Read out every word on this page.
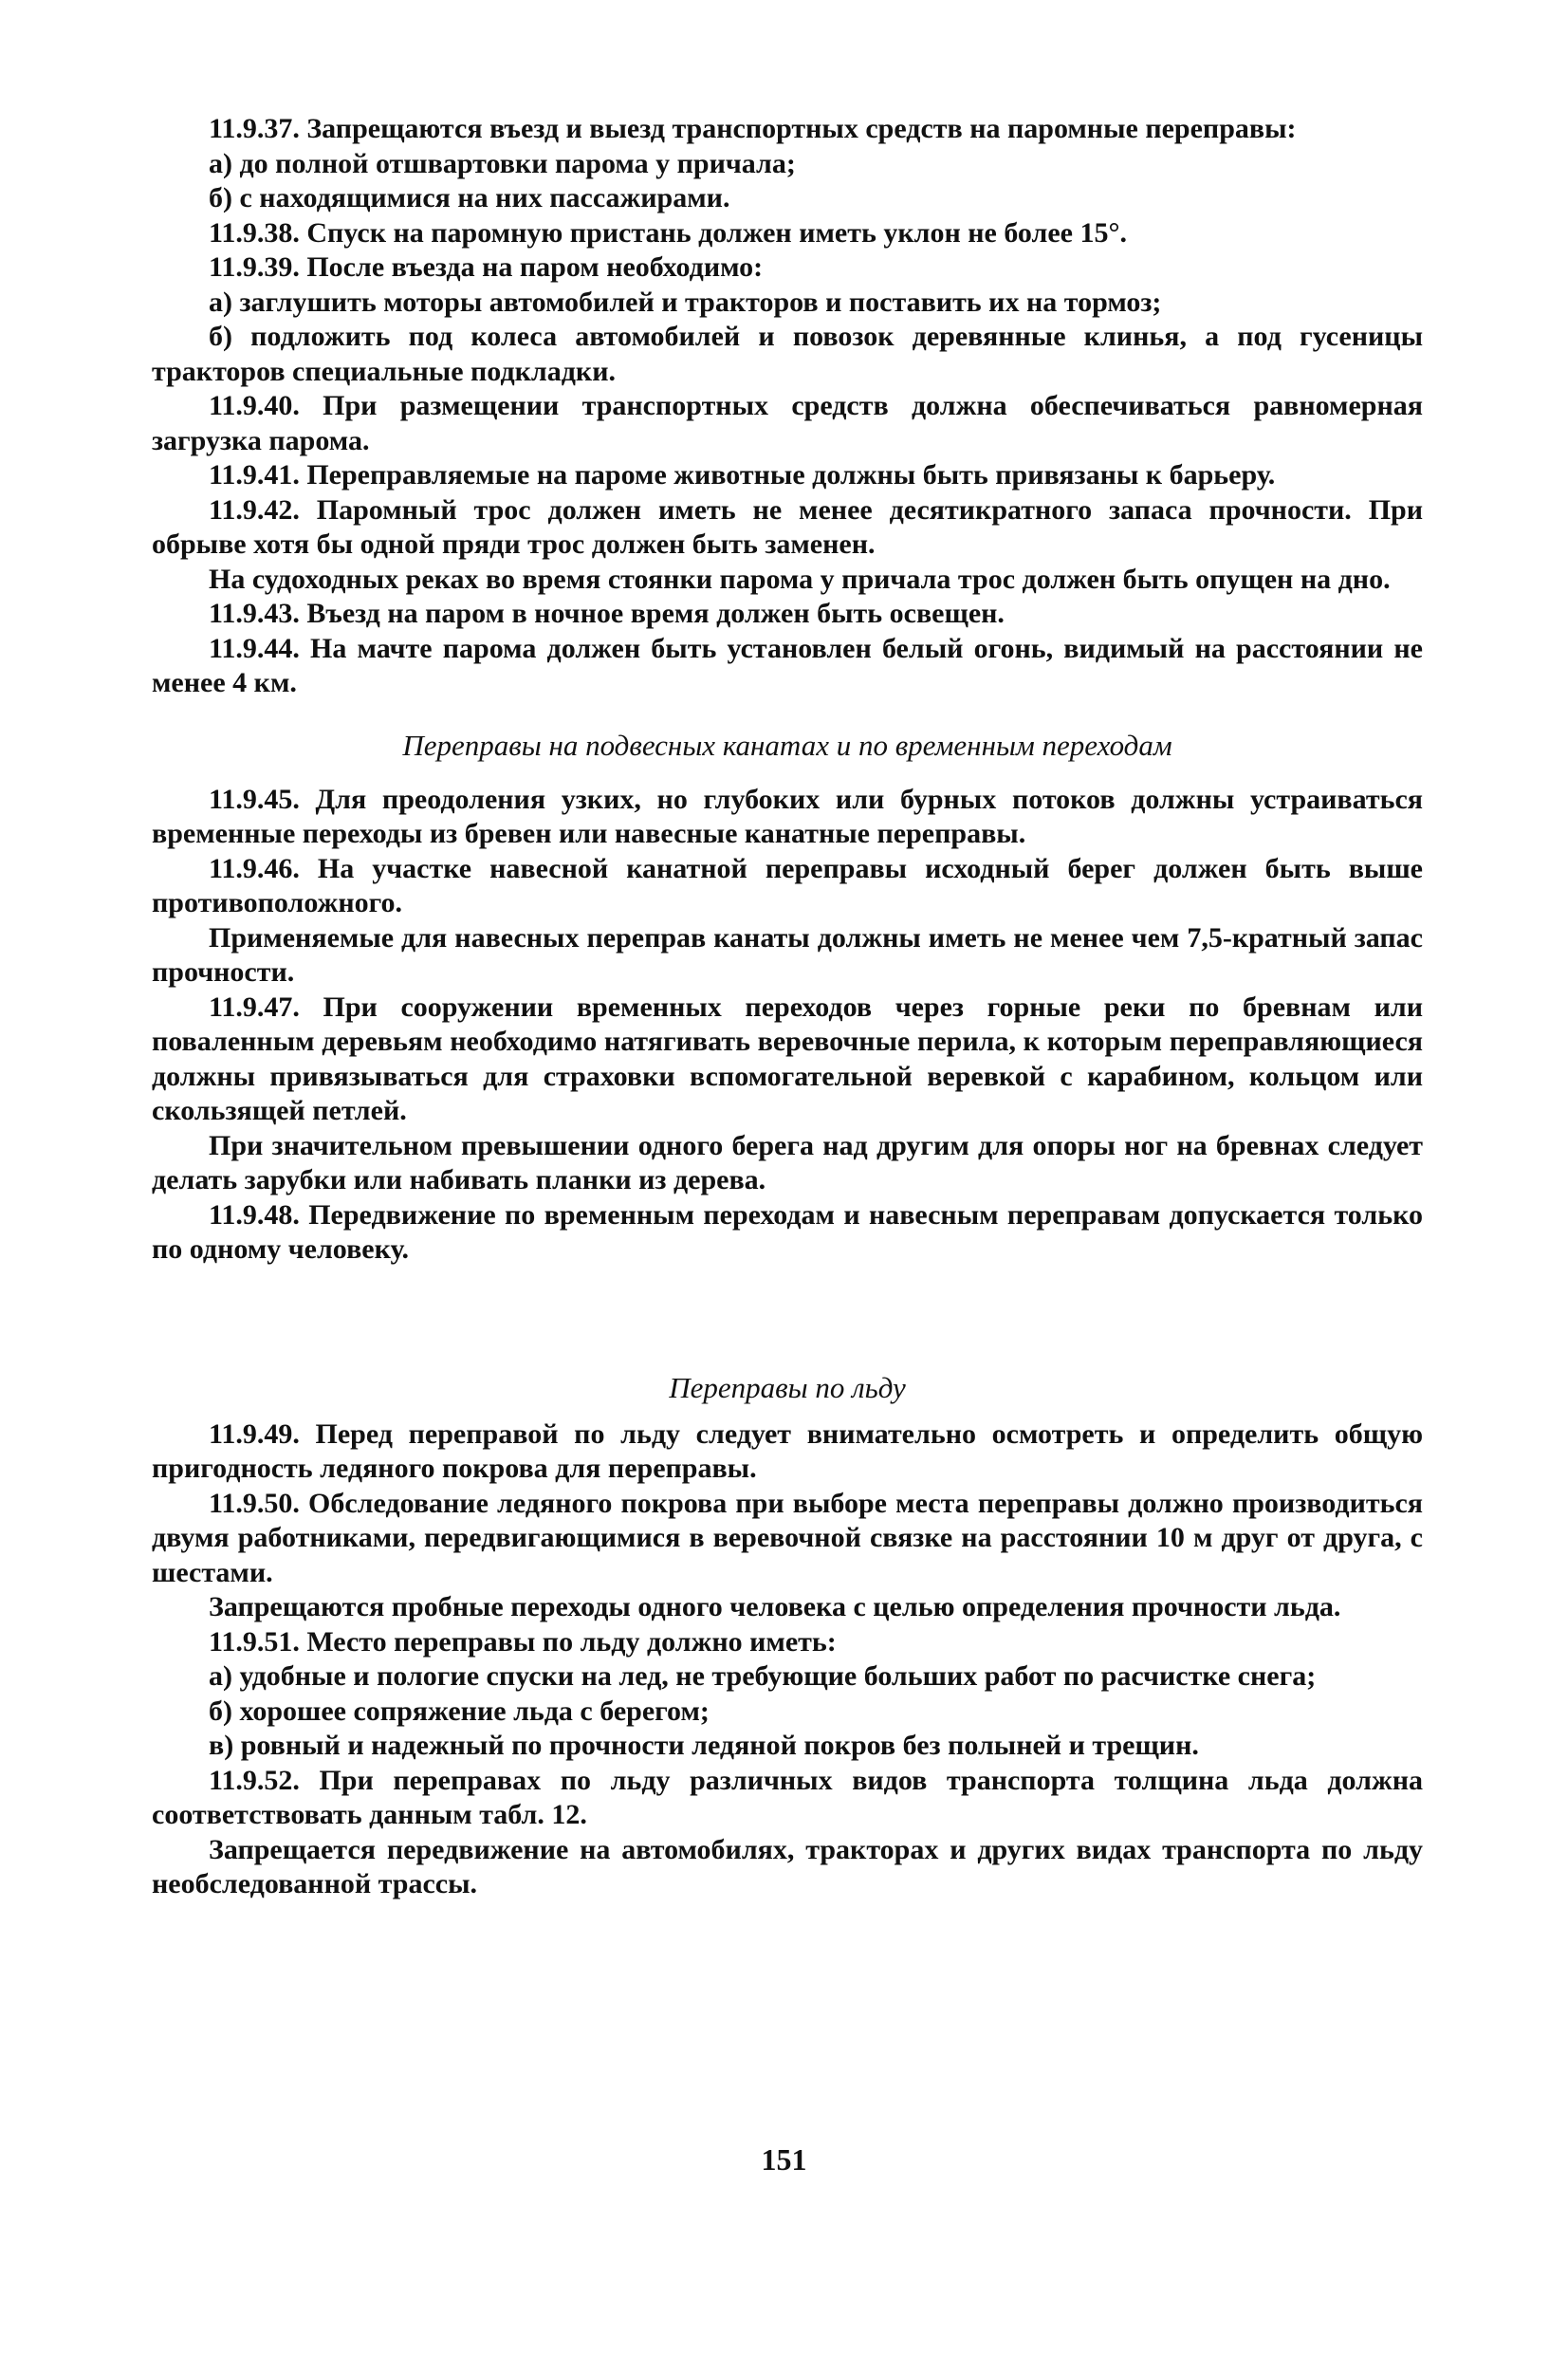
11.9.37. Запрещаются въезд и выезд транспортных средств на паромные переправы:

а) до полной отшвартовки парома у причала;

б) с находящимися на них пассажирами.

11.9.38. Спуск на паромную пристань должен иметь уклон не более 15°.

11.9.39. После въезда на паром необходимо:

а) заглушить моторы автомобилей и тракторов и поставить их на тормоз;

б) подложить под колеса автомобилей и повозок деревянные клинья, а под гусеницы тракторов специальные подкладки.

11.9.40. При размещении транспортных средств должна обеспечиваться равномерная загрузка парома.

11.9.41. Переправляемые на пароме животные должны быть привязаны к барьеру.

11.9.42. Паромный трос должен иметь не менее десятикратного запаса прочности. При обрыве хотя бы одной пряди трос должен быть заменен.

На судоходных реках во время стоянки парома у причала трос должен быть опущен на дно.

11.9.43. Въезд на паром в ночное время должен быть освещен.

11.9.44. На мачте парома должен быть установлен белый огонь, видимый на расстоянии не менее 4 км.

Переправы на подвесных канатах и по временным переходам

11.9.45. Для преодоления узких, но глубоких или бурных потоков должны устраиваться временные переходы из бревен или навесные канатные переправы.

11.9.46. На участке навесной канатной переправы исходный берег должен быть выше противоположного.

Применяемые для навесных переправ канаты должны иметь не менее чем 7,5-кратный запас прочности.

11.9.47. При сооружении временных переходов через горные реки по бревнам или поваленным деревьям необходимо натягивать веревочные перила, к которым переправляющиеся должны привязываться для страховки вспомогательной веревкой с карабином, кольцом или скользящей петлей.

При значительном превышении одного берега над другим для опоры ног на бревнах следует делать зарубки или набивать планки из дерева.

11.9.48. Передвижение по временным переходам и навесным переправам допускается только по одному человеку.

Переправы по льду

11.9.49. Перед переправой по льду следует внимательно осмотреть и определить общую пригодность ледяного покрова для переправы.

11.9.50. Обследование ледяного покрова при выборе места переправы должно производиться двумя работниками, передвигающимися в веревочной связке на расстоянии 10 м друг от друга, с шестами.

Запрещаются пробные переходы одного человека с целью определения прочности льда.

11.9.51. Место переправы по льду должно иметь:

а) удобные и пологие спуски на лед, не требующие больших работ по расчистке снега;

б) хорошее сопряжение льда с берегом;

в) ровный и надежный по прочности ледяной покров без полыней и трещин.

11.9.52. При переправах по льду различных видов транспорта толщина льда должна соответствовать данным табл. 12.

Запрещается передвижение на автомобилях, тракторах и других видах транспорта по льду необследованной трассы.

151
